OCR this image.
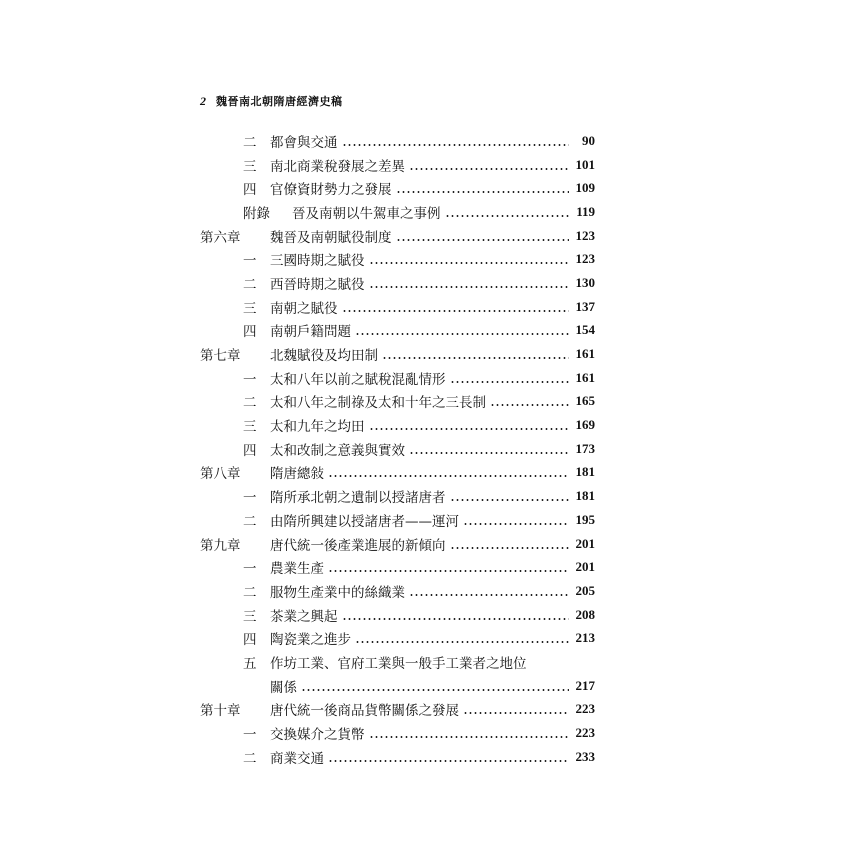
2 魏晉南北朝隋唐經濟史稿
二	都會與交通	90
三	南北商業稅發展之差異	101
四	官僚資財勢力之發展	109
附錄	晉及南朝以牛駕車之事例	119
第六章	魏晉及南朝賦役制度	123
一	三國時期之賦役	123
二	西晉時期之賦役	130
三	南朝之賦役	137
四	南朝戶籍問題	154
第七章	北魏賦役及均田制	161
一	太和八年以前之賦稅混亂情形	161
二	太和八年之制祿及太和十年之三長制	165
三	太和九年之均田	169
四	太和改制之意義與實效	173
第八章	隋唐總敍	181
一	隋所承北朝之遺制以授諸唐者	181
二	由隋所興建以授諸唐者——運河	195
第九章	唐代統一後產業進展的新傾向	201
一	農業生產	201
二	服物生產業中的絲織業	205
三	茶業之興起	208
四	陶瓷業之進步	213
五	作坊工業、官府工業與一般手工業者之地位
關係	217
第十章	唐代統一後商品貨幣關係之發展	223
一	交換媒介之貨幣	223
二	商業交通	233
